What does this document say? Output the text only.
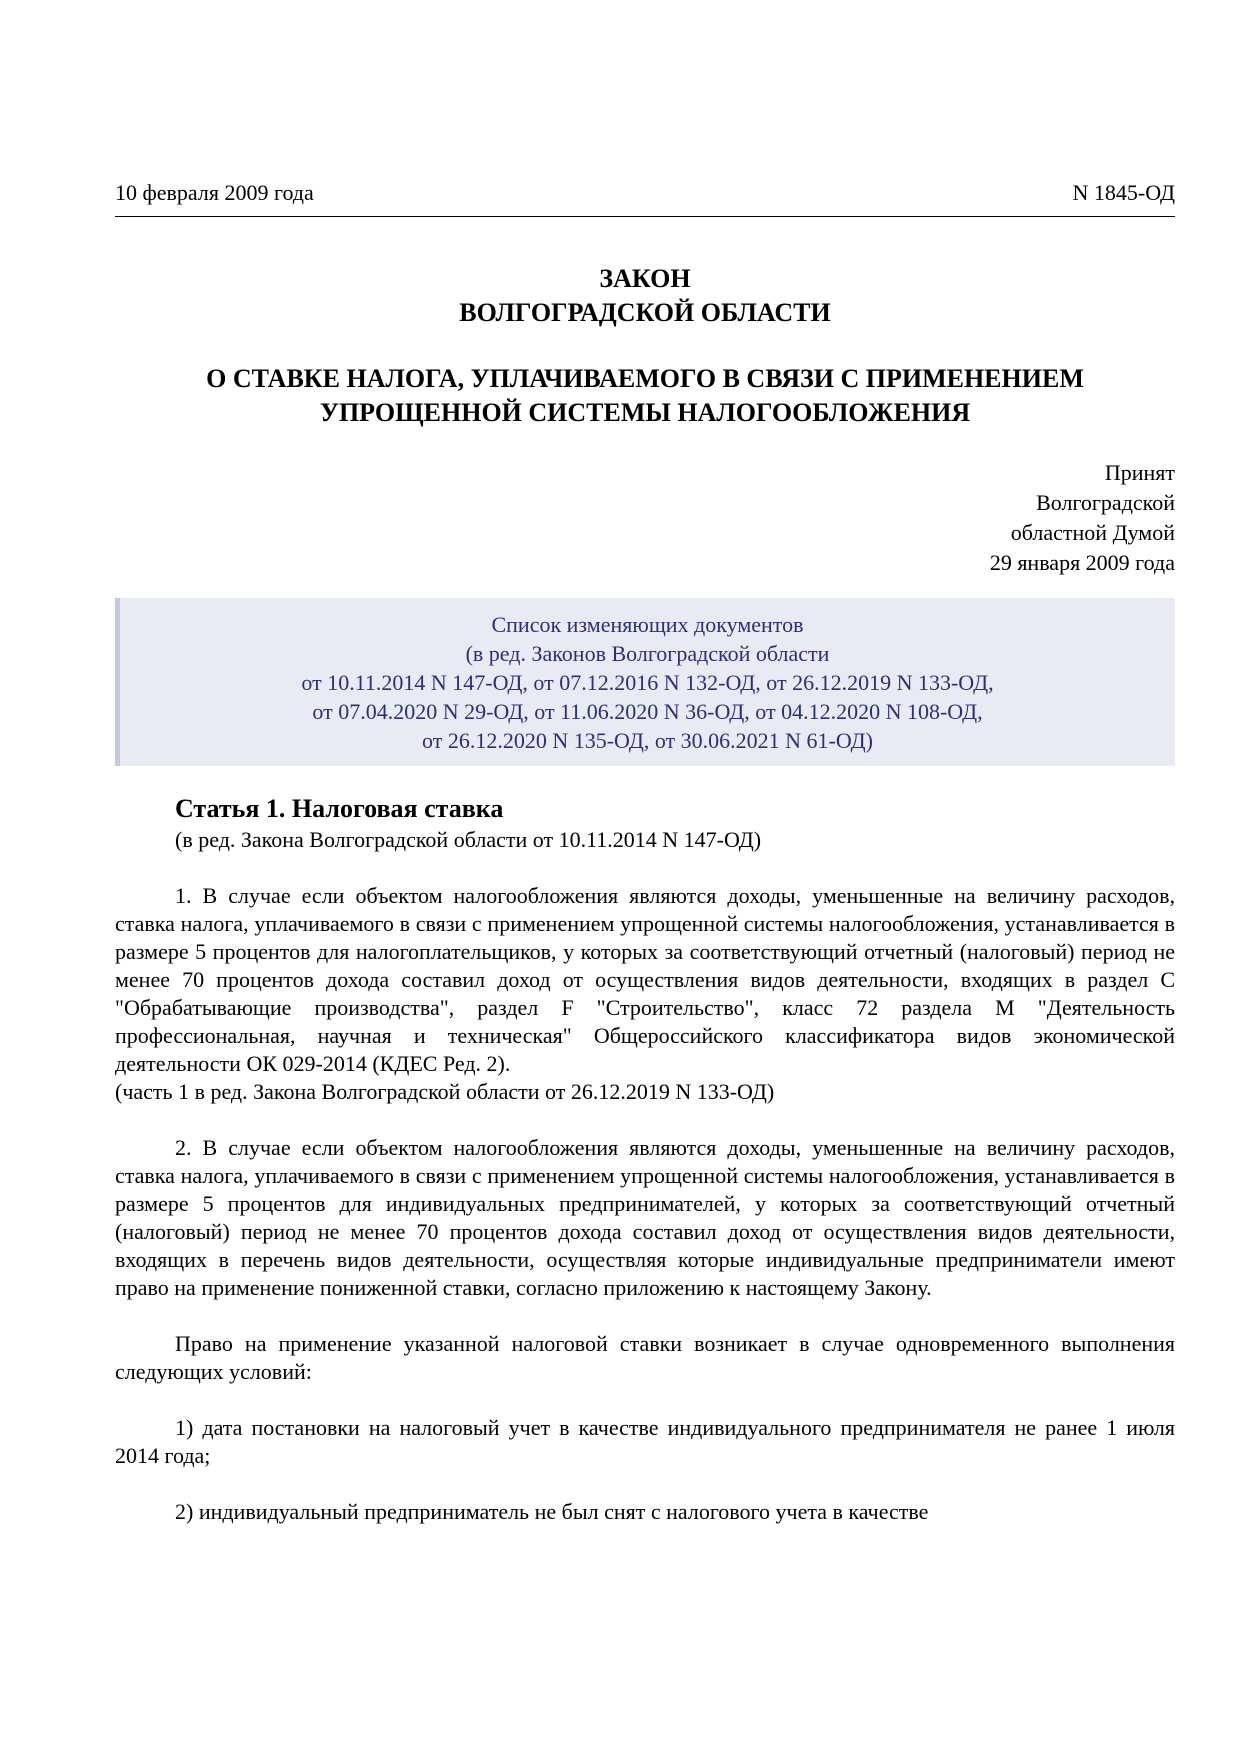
10 февраля 2009 года	N 1845-ОД
ЗАКОН
ВОЛГОГРАДСКОЙ ОБЛАСТИ
О СТАВКЕ НАЛОГА, УПЛАЧИВАЕМОГО В СВЯЗИ С ПРИМЕНЕНИЕМ
УПРОЩЕННОЙ СИСТЕМЫ НАЛОГООБЛОЖЕНИЯ
Принят
Волгоградской
областной Думой
29 января 2009 года
Список изменяющих документов
(в ред. Законов Волгоградской области
от 10.11.2014 N 147-ОД, от 07.12.2016 N 132-ОД, от 26.12.2019 N 133-ОД,
от 07.04.2020 N 29-ОД, от 11.06.2020 N 36-ОД, от 04.12.2020 N 108-ОД,
от 26.12.2020 N 135-ОД, от 30.06.2021 N 61-ОД)
Статья 1. Налоговая ставка

(в ред. Закона Волгоградской области от 10.11.2014 N 147-ОД)

1. В случае если объектом налогообложения являются доходы, уменьшенные на величину расходов, ставка налога, уплачиваемого в связи с применением упрощенной системы налогообложения, устанавливается в размере 5 процентов для налогоплательщиков, у которых за соответствующий отчетный (налоговый) период не менее 70 процентов дохода составил доход от осуществления видов деятельности, входящих в раздел C "Обрабатывающие производства", раздел F "Строительство", класс 72 раздела M "Деятельность профессиональная, научная и техническая" Общероссийского классификатора видов экономической деятельности ОК 029-2014 (КДЕС Ред. 2).

(часть 1 в ред. Закона Волгоградской области от 26.12.2019 N 133-ОД)

2. В случае если объектом налогообложения являются доходы, уменьшенные на величину расходов, ставка налога, уплачиваемого в связи с применением упрощенной системы налогообложения, устанавливается в размере 5 процентов для индивидуальных предпринимателей, у которых за соответствующий отчетный (налоговый) период не менее 70 процентов дохода составил доход от осуществления видов деятельности, входящих в перечень видов деятельности, осуществляя которые индивидуальные предприниматели имеют право на применение пониженной ставки, согласно приложению к настоящему Закону.

Право на применение указанной налоговой ставки возникает в случае одновременного выполнения следующих условий:

1) дата постановки на налоговый учет в качестве индивидуального предпринимателя не ранее 1 июля 2014 года;

2) индивидуальный предприниматель не был снят с налогового учета в качестве
